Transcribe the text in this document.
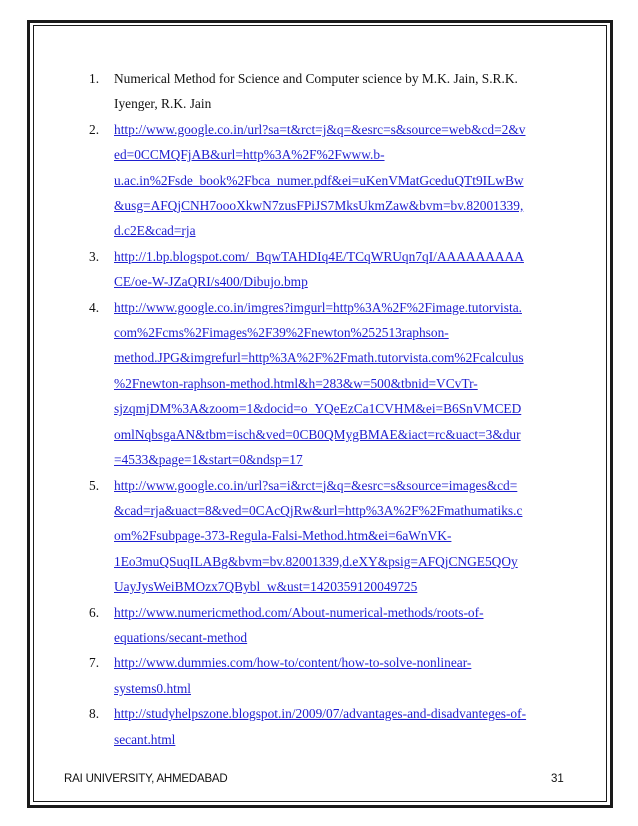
1. Numerical Method for Science and Computer science by M.K. Jain, S.R.K.
Iyenger, R.K. Jain
2. http://www.google.co.in/url?sa=t&rct=j&q=&esrc=s&source=web&cd=2&v
ed=0CCMQFjAB&url=http%3A%2F%2Fwww.b-
u.ac.in%2Fsde_book%2Fbca_numer.pdf&ei=uKenVMatGceduQTt9ILwBw
&usg=AFQjCNH7oooXkwN7zusFPiJS7MksUkmZaw&bvm=bv.82001339,
d.c2E&cad=rja
3. http://1.bp.blogspot.com/_BqwTAHDIq4E/TCqWRUqn7qI/AAAAAAAAA
CE/oe-W-JZaQRI/s400/Dibujo.bmp
4. http://www.google.co.in/imgres?imgurl=http%3A%2F%2Fimage.tutorvista.
com%2Fcms%2Fimages%2F39%2Fnewton%252513raphson-
method.JPG&imgrefurl=http%3A%2F%2Fmath.tutorvista.com%2Fcalculus
%2Fnewton-raphson-method.html&h=283&w=500&tbnid=VCvTr-
sjzqmjDM%3A&zoom=1&docid=o_YQeEzCa1CVHM&ei=B6SnVMCED
omlNqbsgaAN&tbm=isch&ved=0CB0QMygBMAE&iact=rc&uact=3&dur
=4533&page=1&start=0&ndsp=17
5. http://www.google.co.in/url?sa=i&rct=j&q=&esrc=s&source=images&cd=
&cad=rja&uact=8&ved=0CAcQjRw&url=http%3A%2F%2Fmathumatiks.c
om%2Fsubpage-373-Regula-Falsi-Method.htm&ei=6aWnVK-
1Eo3muQSuqILABg&bvm=bv.82001339,d.eXY&psig=AFQjCNGE5QOy
UayJysWeiBMOzx7QBybl_w&ust=1420359120049725
6. http://www.numericmethod.com/About-numerical-methods/roots-of-
equations/secant-method
7. http://www.dummies.com/how-to/content/how-to-solve-nonlinear-
systems0.html
8. http://studyhelpszone.blogspot.in/2009/07/advantages-and-disadvanteges-of-
secant.html
RAI UNIVERSITY, AHMEDABAD	31
